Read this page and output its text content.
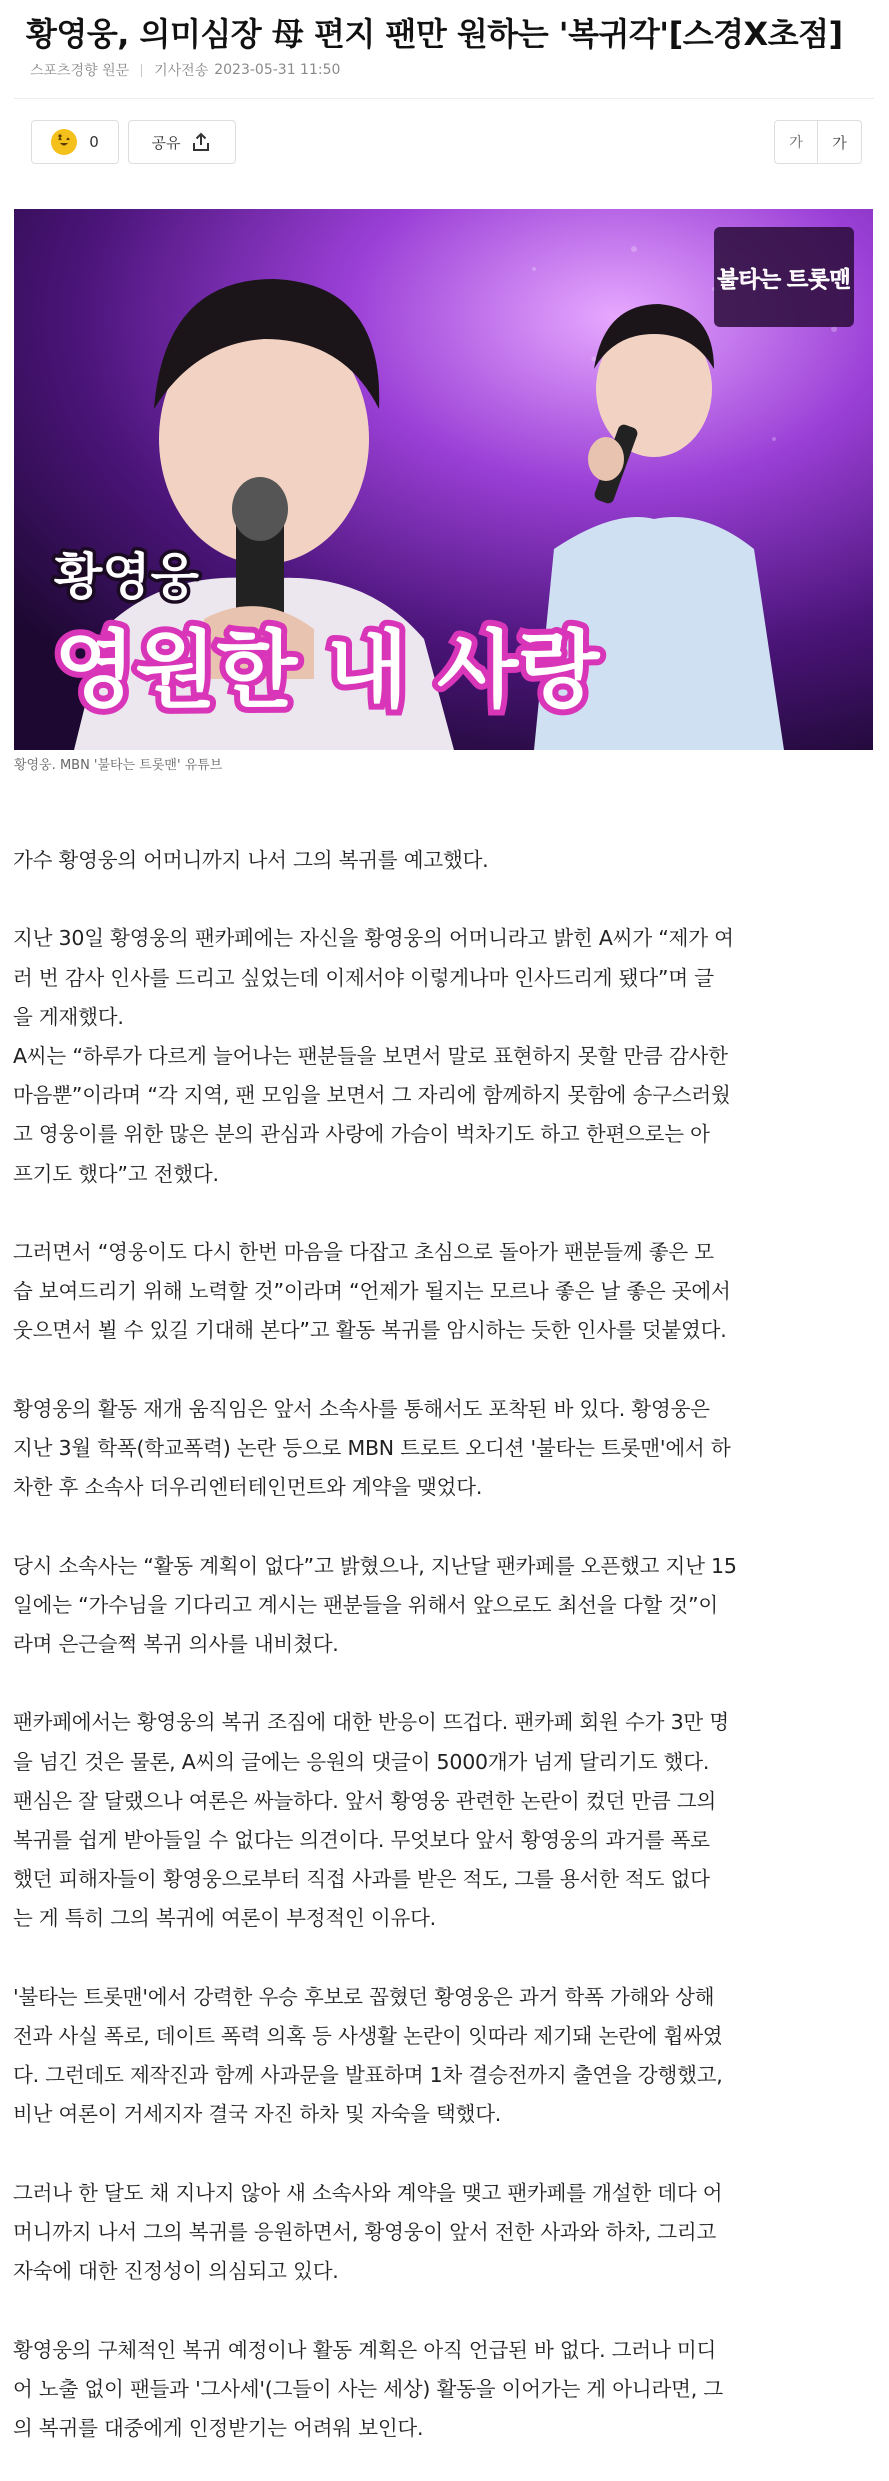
황영웅, 의미심장 母 편지 팬만 원하는 '복귀각'[스경X초점]
스포츠경향 원문 기사전송 2023-05-31 11:50
0	공유	가	가
불타는 트롯맨
황영웅
영원한 내 사랑
황영웅. MBN '불타는 트롯맨' 유튜브
가수 황영웅의 어머니까지 나서 그의 복귀를 예고했다.
지난 30일 황영웅의 팬카페에는 자신을 황영웅의 어머니라고 밝힌 A씨가 “제가 여
러 번 감사 인사를 드리고 싶었는데 이제서야 이렇게나마 인사드리게 됐다”며 글
을 게재했다.
A씨는 “하루가 다르게 늘어나는 팬분들을 보면서 말로 표현하지 못할 만큼 감사한
마음뿐”이라며 “각 지역, 팬 모임을 보면서 그 자리에 함께하지 못함에 송구스러웠
고 영웅이를 위한 많은 분의 관심과 사랑에 가슴이 벅차기도 하고 한편으로는 아
프기도 했다”고 전했다.
그러면서 “영웅이도 다시 한번 마음을 다잡고 초심으로 돌아가 팬분들께 좋은 모
습 보여드리기 위해 노력할 것”이라며 “언제가 될지는 모르나 좋은 날 좋은 곳에서
웃으면서 뵐 수 있길 기대해 본다”고 활동 복귀를 암시하는 듯한 인사를 덧붙였다.
황영웅의 활동 재개 움직임은 앞서 소속사를 통해서도 포착된 바 있다. 황영웅은
지난 3월 학폭(학교폭력) 논란 등으로 MBN 트로트 오디션 '불타는 트롯맨'에서 하
차한 후 소속사 더우리엔터테인먼트와 계약을 맺었다.
당시 소속사는 “활동 계획이 없다”고 밝혔으나, 지난달 팬카페를 오픈했고 지난 15
일에는 “가수님을 기다리고 계시는 팬분들을 위해서 앞으로도 최선을 다할 것”이
라며 은근슬쩍 복귀 의사를 내비쳤다.
팬카페에서는 황영웅의 복귀 조짐에 대한 반응이 뜨겁다. 팬카페 회원 수가 3만 명
을 넘긴 것은 물론, A씨의 글에는 응원의 댓글이 5000개가 넘게 달리기도 했다.
팬심은 잘 달랬으나 여론은 싸늘하다. 앞서 황영웅 관련한 논란이 컸던 만큼 그의
복귀를 쉽게 받아들일 수 없다는 의견이다. 무엇보다 앞서 황영웅의 과거를 폭로
했던 피해자들이 황영웅으로부터 직접 사과를 받은 적도, 그를 용서한 적도 없다
는 게 특히 그의 복귀에 여론이 부정적인 이유다.
'불타는 트롯맨'에서 강력한 우승 후보로 꼽혔던 황영웅은 과거 학폭 가해와 상해
전과 사실 폭로, 데이트 폭력 의혹 등 사생활 논란이 잇따라 제기돼 논란에 휩싸였
다. 그런데도 제작진과 함께 사과문을 발표하며 1차 결승전까지 출연을 강행했고,
비난 여론이 거세지자 결국 자진 하차 및 자숙을 택했다.
그러나 한 달도 채 지나지 않아 새 소속사와 계약을 맺고 팬카페를 개설한 데다 어
머니까지 나서 그의 복귀를 응원하면서, 황영웅이 앞서 전한 사과와 하차, 그리고
자숙에 대한 진정성이 의심되고 있다.
황영웅의 구체적인 복귀 예정이나 활동 계획은 아직 언급된 바 없다. 그러나 미디
어 노출 없이 팬들과 '그사세'(그들이 사는 세상) 활동을 이어가는 게 아니라면, 그
의 복귀를 대중에게 인정받기는 어려워 보인다.
